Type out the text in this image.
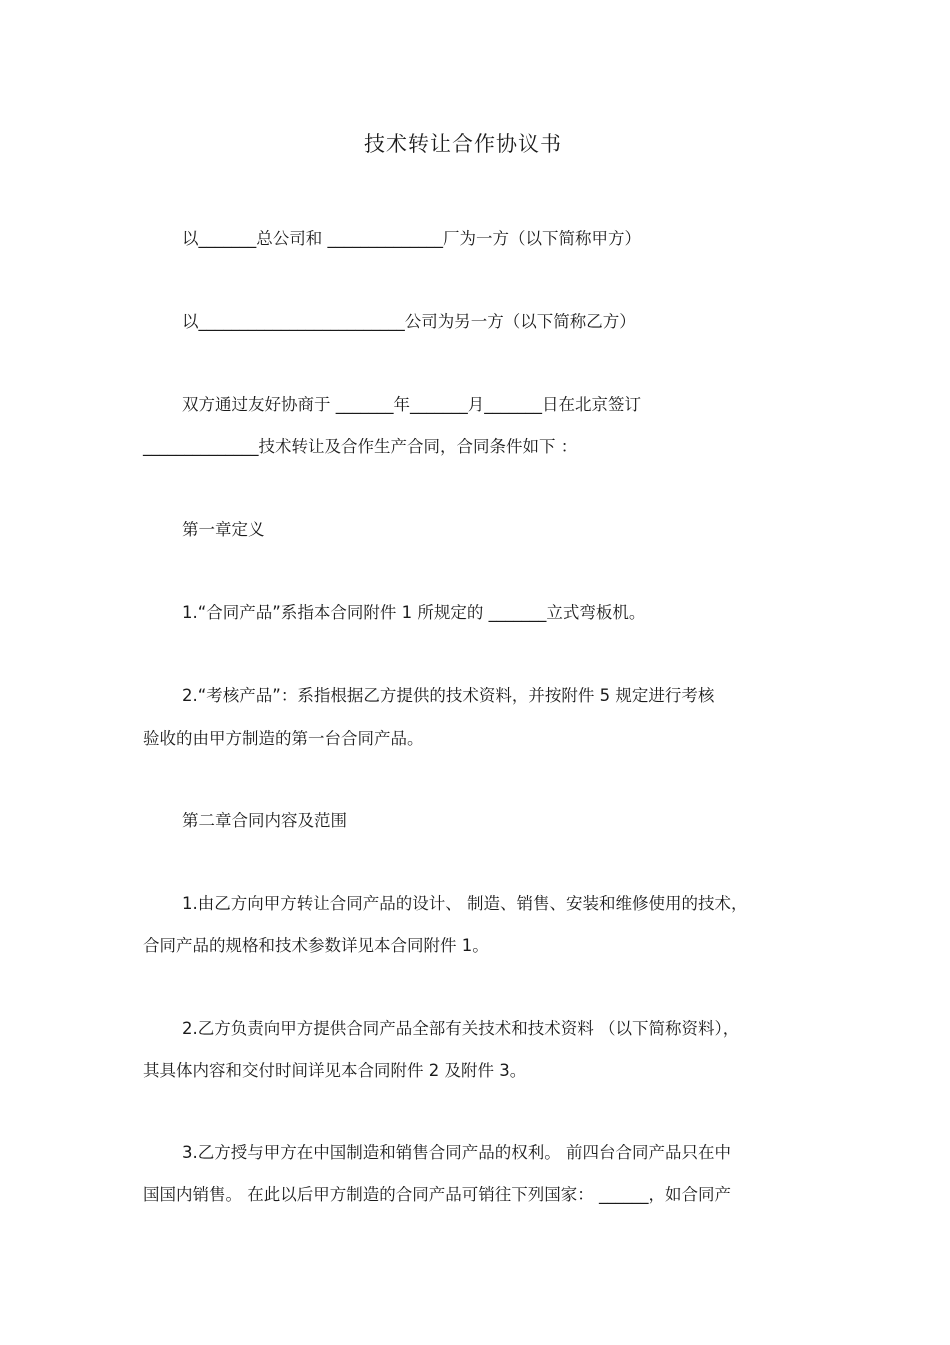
技术转让合作协议书
以_______总公司和 ______________厂为一方（以下简称甲方）
以_________________________公司为另一方（以下简称乙方）
双方通过友好协商于 _______年_______月_______日在北京签订
______________技术转让及合作生产合同，合同条件如下 ：
第一章定义
1.“合同产品”系指本合同附件 1 所规定的 _______立式弯板机。
2.“考核产品”：系指根据乙方提供的技术资料，并按附件 5 规定进行考核
验收的由甲方制造的第一台合同产品。
第二章合同内容及范围
1.由乙方向甲方转让合同产品的设计、 制造、销售、安装和维修使用的技术，
合同产品的规格和技术参数详见本合同附件 1。
2.乙方负责向甲方提供合同产品全部有关技术和技术资料 （以下简称资料），
其具体内容和交付时间详见本合同附件 2 及附件 3。
3.乙方授与甲方在中国制造和销售合同产品的权利。 前四台合同产品只在中
国国内销售。 在此以后甲方制造的合同产品可销往下列国家： ______，如合同产
